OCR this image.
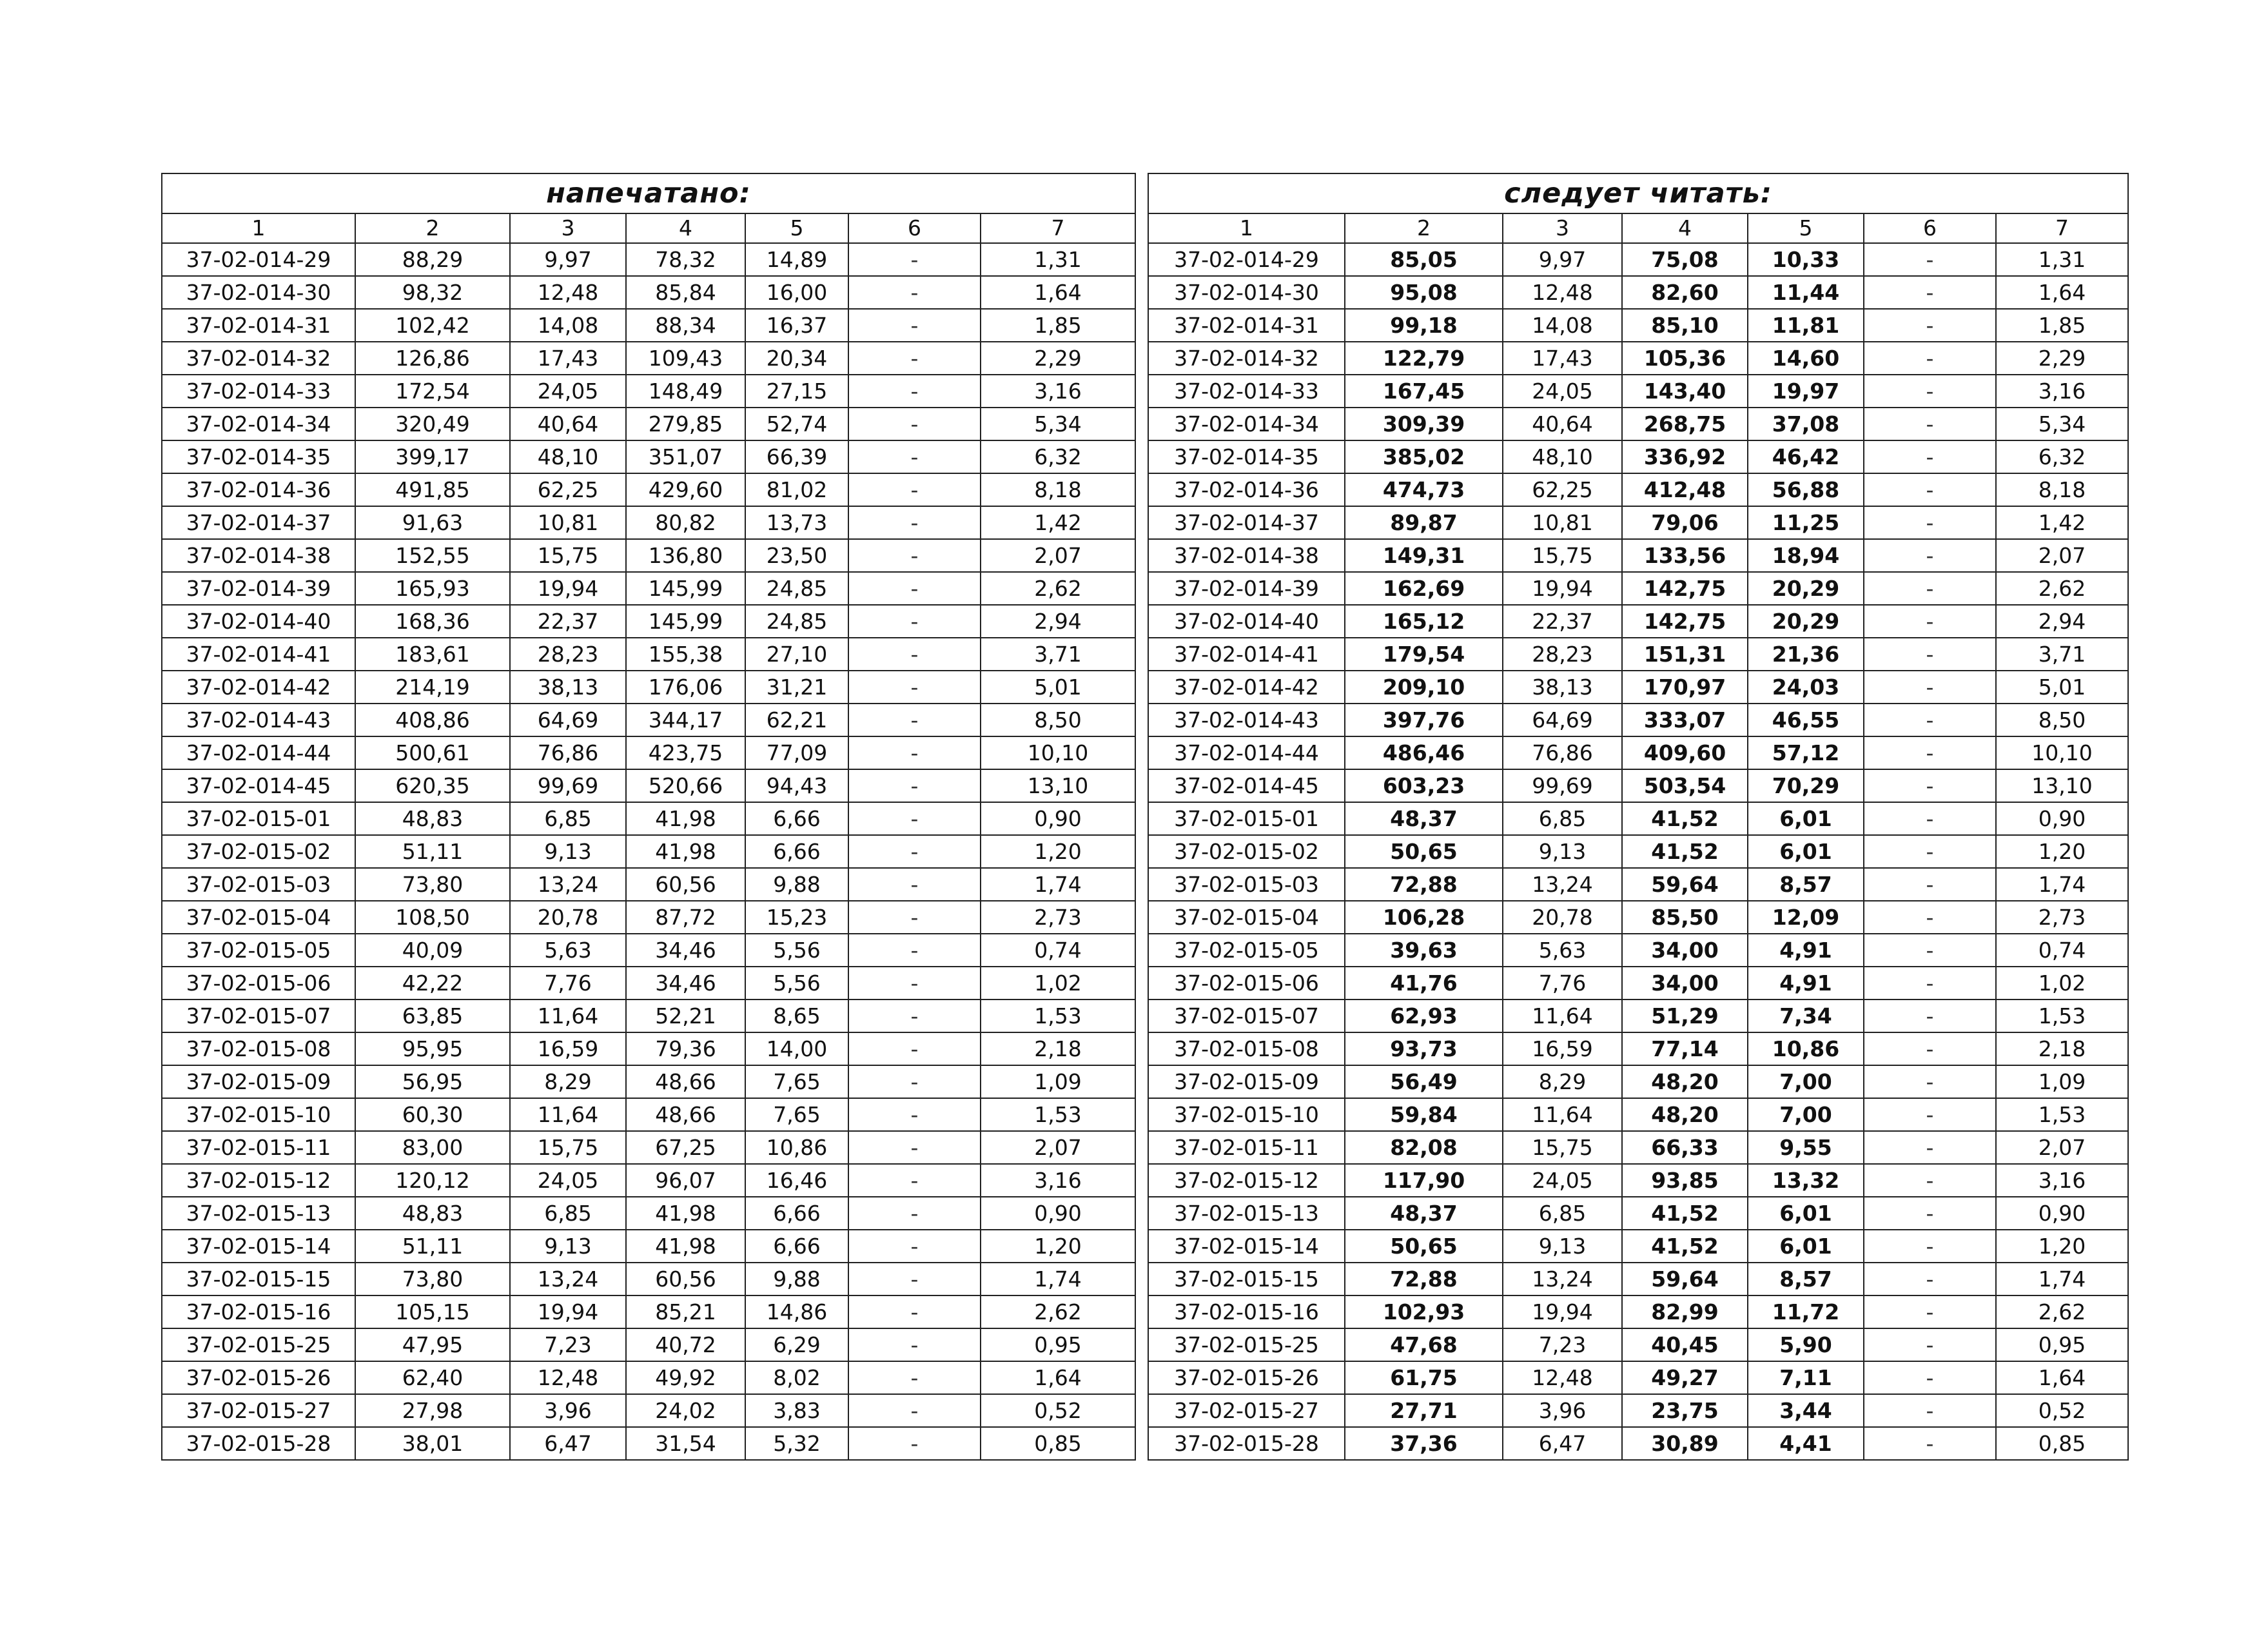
напечатано:						
1	2	3	4	5	6	7
37-02-014-29	88,29	9,97	78,32	14,89	-	1,31
37-02-014-30	98,32	12,48	85,84	16,00	-	1,64
37-02-014-31	102,42	14,08	88,34	16,37	-	1,85
37-02-014-32	126,86	17,43	109,43	20,34	-	2,29
37-02-014-33	172,54	24,05	148,49	27,15	-	3,16
37-02-014-34	320,49	40,64	279,85	52,74	-	5,34
37-02-014-35	399,17	48,10	351,07	66,39	-	6,32
37-02-014-36	491,85	62,25	429,60	81,02	-	8,18
37-02-014-37	91,63	10,81	80,82	13,73	-	1,42
37-02-014-38	152,55	15,75	136,80	23,50	-	2,07
37-02-014-39	165,93	19,94	145,99	24,85	-	2,62
37-02-014-40	168,36	22,37	145,99	24,85	-	2,94
37-02-014-41	183,61	28,23	155,38	27,10	-	3,71
37-02-014-42	214,19	38,13	176,06	31,21	-	5,01
37-02-014-43	408,86	64,69	344,17	62,21	-	8,50
37-02-014-44	500,61	76,86	423,75	77,09	-	10,10
37-02-014-45	620,35	99,69	520,66	94,43	-	13,10
37-02-015-01	48,83	6,85	41,98	6,66	-	0,90
37-02-015-02	51,11	9,13	41,98	6,66	-	1,20
37-02-015-03	73,80	13,24	60,56	9,88	-	1,74
37-02-015-04	108,50	20,78	87,72	15,23	-	2,73
37-02-015-05	40,09	5,63	34,46	5,56	-	0,74
37-02-015-06	42,22	7,76	34,46	5,56	-	1,02
37-02-015-07	63,85	11,64	52,21	8,65	-	1,53
37-02-015-08	95,95	16,59	79,36	14,00	-	2,18
37-02-015-09	56,95	8,29	48,66	7,65	-	1,09
37-02-015-10	60,30	11,64	48,66	7,65	-	1,53
37-02-015-11	83,00	15,75	67,25	10,86	-	2,07
37-02-015-12	120,12	24,05	96,07	16,46	-	3,16
37-02-015-13	48,83	6,85	41,98	6,66	-	0,90
37-02-015-14	51,11	9,13	41,98	6,66	-	1,20
37-02-015-15	73,80	13,24	60,56	9,88	-	1,74
37-02-015-16	105,15	19,94	85,21	14,86	-	2,62
37-02-015-25	47,95	7,23	40,72	6,29	-	0,95
37-02-015-26	62,40	12,48	49,92	8,02	-	1,64
37-02-015-27	27,98	3,96	24,02	3,83	-	0,52
37-02-015-28	38,01	6,47	31,54	5,32	-	0,85
следует читать:						
1	2	3	4	5	6	7
37-02-014-29	85,05	9,97	75,08	10,33	-	1,31
37-02-014-30	95,08	12,48	82,60	11,44	-	1,64
37-02-014-31	99,18	14,08	85,10	11,81	-	1,85
37-02-014-32	122,79	17,43	105,36	14,60	-	2,29
37-02-014-33	167,45	24,05	143,40	19,97	-	3,16
37-02-014-34	309,39	40,64	268,75	37,08	-	5,34
37-02-014-35	385,02	48,10	336,92	46,42	-	6,32
37-02-014-36	474,73	62,25	412,48	56,88	-	8,18
37-02-014-37	89,87	10,81	79,06	11,25	-	1,42
37-02-014-38	149,31	15,75	133,56	18,94	-	2,07
37-02-014-39	162,69	19,94	142,75	20,29	-	2,62
37-02-014-40	165,12	22,37	142,75	20,29	-	2,94
37-02-014-41	179,54	28,23	151,31	21,36	-	3,71
37-02-014-42	209,10	38,13	170,97	24,03	-	5,01
37-02-014-43	397,76	64,69	333,07	46,55	-	8,50
37-02-014-44	486,46	76,86	409,60	57,12	-	10,10
37-02-014-45	603,23	99,69	503,54	70,29	-	13,10
37-02-015-01	48,37	6,85	41,52	6,01	-	0,90
37-02-015-02	50,65	9,13	41,52	6,01	-	1,20
37-02-015-03	72,88	13,24	59,64	8,57	-	1,74
37-02-015-04	106,28	20,78	85,50	12,09	-	2,73
37-02-015-05	39,63	5,63	34,00	4,91	-	0,74
37-02-015-06	41,76	7,76	34,00	4,91	-	1,02
37-02-015-07	62,93	11,64	51,29	7,34	-	1,53
37-02-015-08	93,73	16,59	77,14	10,86	-	2,18
37-02-015-09	56,49	8,29	48,20	7,00	-	1,09
37-02-015-10	59,84	11,64	48,20	7,00	-	1,53
37-02-015-11	82,08	15,75	66,33	9,55	-	2,07
37-02-015-12	117,90	24,05	93,85	13,32	-	3,16
37-02-015-13	48,37	6,85	41,52	6,01	-	0,90
37-02-015-14	50,65	9,13	41,52	6,01	-	1,20
37-02-015-15	72,88	13,24	59,64	8,57	-	1,74
37-02-015-16	102,93	19,94	82,99	11,72	-	2,62
37-02-015-25	47,68	7,23	40,45	5,90	-	0,95
37-02-015-26	61,75	12,48	49,27	7,11	-	1,64
37-02-015-27	27,71	3,96	23,75	3,44	-	0,52
37-02-015-28	37,36	6,47	30,89	4,41	-	0,85
